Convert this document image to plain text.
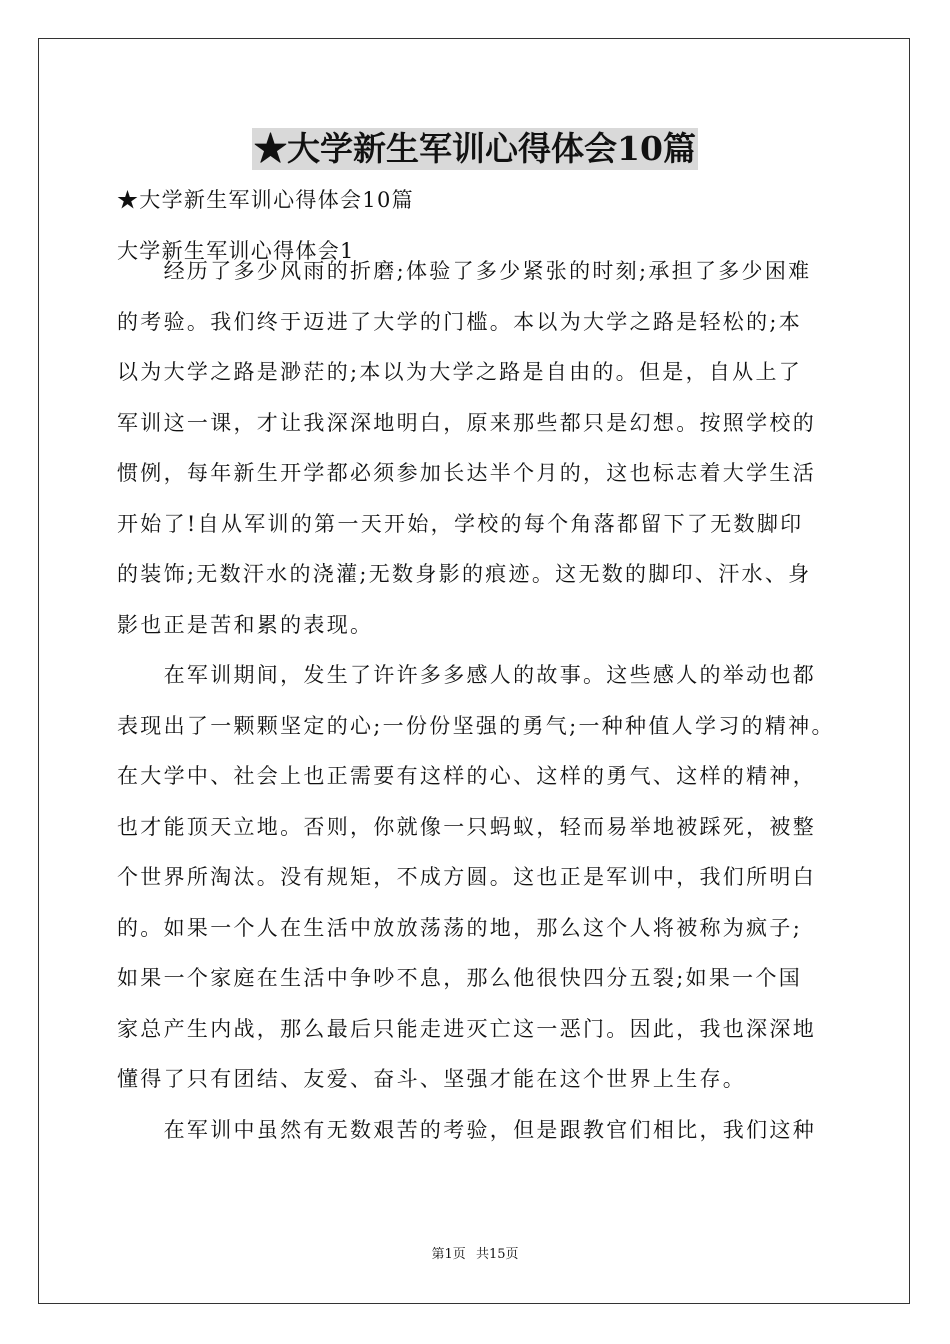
★大学新生军训心得体会10篇
★大学新生军训心得体会10篇
大学新生军训心得体会1
　　经历了多少风雨的折磨;体验了多少紧张的时刻;承担了多少困难
的考验。我们终于迈进了大学的门槛。本以为大学之路是轻松的;本
以为大学之路是渺茫的;本以为大学之路是自由的。但是，自从上了
军训这一课，才让我深深地明白，原来那些都只是幻想。按照学校的
惯例，每年新生开学都必须参加长达半个月的，这也标志着大学生活
开始了!自从军训的第一天开始，学校的每个角落都留下了无数脚印
的装饰;无数汗水的浇灌;无数身影的痕迹。这无数的脚印、汗水、身
影也正是苦和累的表现。
　　在军训期间，发生了许许多多感人的故事。这些感人的举动也都
表现出了一颗颗坚定的心;一份份坚强的勇气;一种种值人学习的精神。
在大学中、社会上也正需要有这样的心、这样的勇气、这样的精神，
也才能顶天立地。否则，你就像一只蚂蚁，轻而易举地被踩死，被整
个世界所淘汰。没有规矩，不成方圆。这也正是军训中，我们所明白
的。如果一个人在生活中放放荡荡的地，那么这个人将被称为疯子;
如果一个家庭在生活中争吵不息，那么他很快四分五裂;如果一个国
家总产生内战，那么最后只能走进灭亡这一恶门。因此，我也深深地
懂得了只有团结、友爱、奋斗、坚强才能在这个世界上生存。
　　在军训中虽然有无数艰苦的考验，但是跟教官们相比，我们这种
第1页 共15页
